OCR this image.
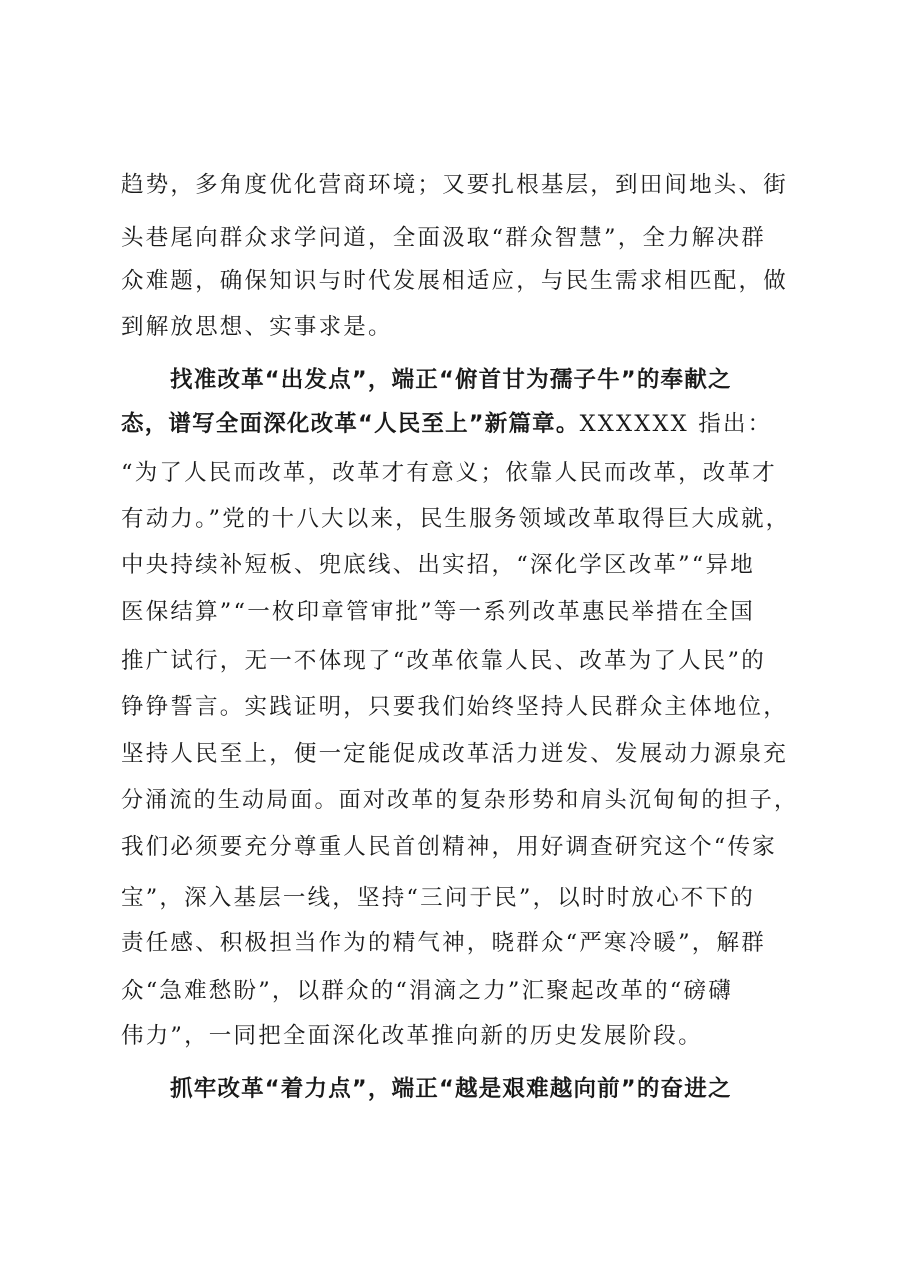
趋势，多角度优化营商环境；又要扎根基层，到田间地头、街

头巷尾向群众求学问道，全面汲取“群众智慧”，全力解决群

众难题，确保知识与时代发展相适应，与民生需求相匹配，做

到解放思想、实事求是。

找准改革“出发点”，端正“俯首甘为孺子牛”的奉献之

态，谱写全面深化改革“人民至上”新篇章。XXXXXX 指出：

“为了人民而改革，改革才有意义；依靠人民而改革，改革才

有动力。”党的十八大以来，民生服务领域改革取得巨大成就，

中央持续补短板、兜底线、出实招，“深化学区改革”“异地

医保结算”“一枚印章管审批”等一系列改革惠民举措在全国

推广试行，无一不体现了“改革依靠人民、改革为了人民”的

铮铮誓言。实践证明，只要我们始终坚持人民群众主体地位，

坚持人民至上，便一定能促成改革活力迸发、发展动力源泉充

分涌流的生动局面。面对改革的复杂形势和肩头沉甸甸的担子，

我们必须要充分尊重人民首创精神，用好调查研究这个“传家

宝”，深入基层一线，坚持“三问于民”，以时时放心不下的

责任感、积极担当作为的精气神，晓群众“严寒冷暖”，解群

众“急难愁盼”，以群众的“涓滴之力”汇聚起改革的“磅礴

伟力”，一同把全面深化改革推向新的历史发展阶段。

抓牢改革“着力点”，端正“越是艰难越向前”的奋进之
